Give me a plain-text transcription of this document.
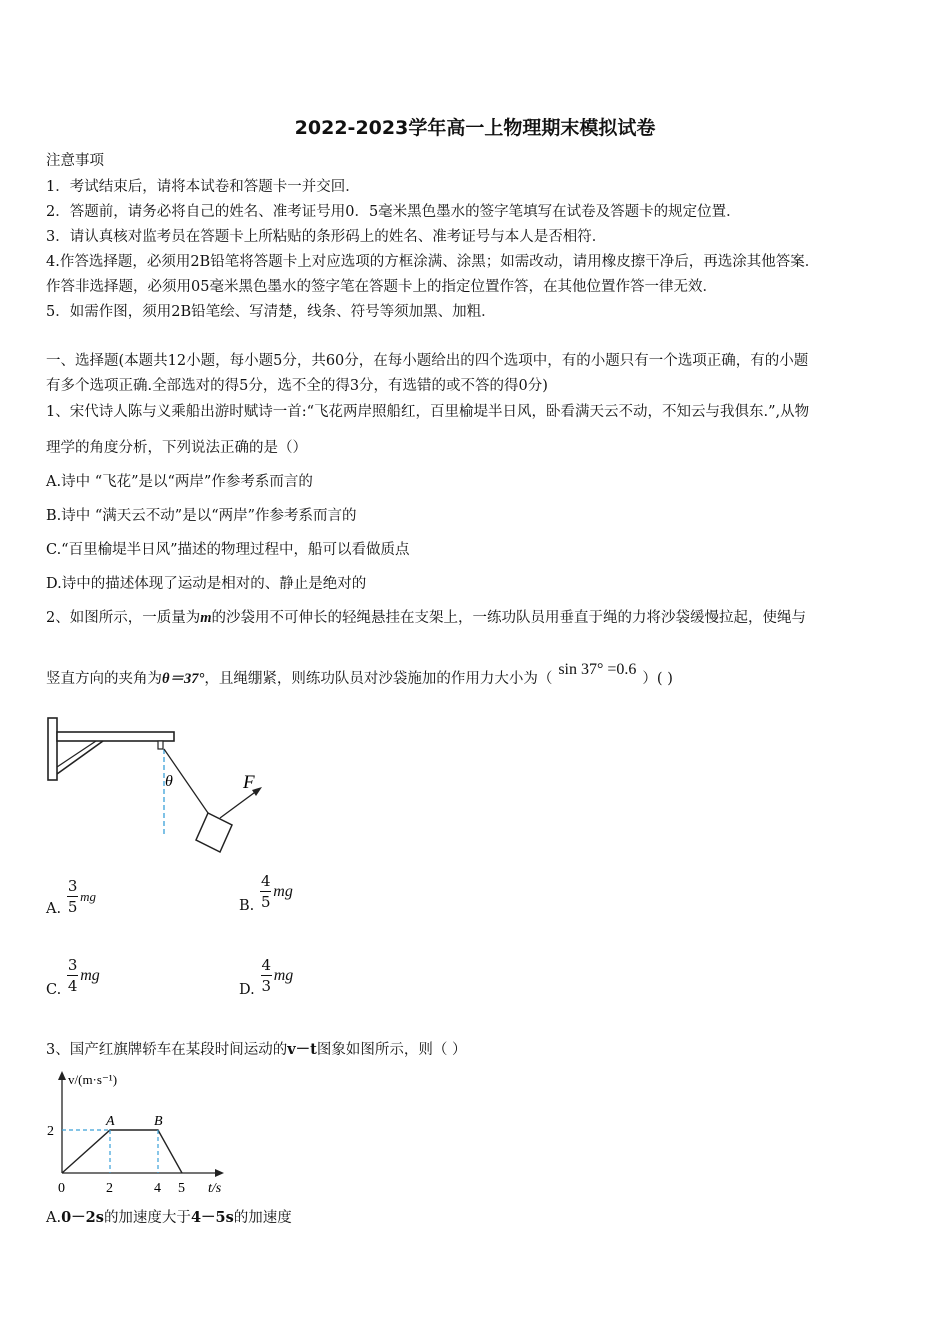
2022-2023学年高一上物理期末模拟试卷
注意事项
1．考试结束后，请将本试卷和答题卡一并交回．
2．答题前，请务必将自己的姓名、准考证号用0．5毫米黑色墨水的签字笔填写在试卷及答题卡的规定位置．
3．请认真核对监考员在答题卡上所粘贴的条形码上的姓名、准考证号与本人是否相符．
4.作答选择题，必须用2B铅笔将答题卡上对应选项的方框涂满、涂黑；如需改动，请用橡皮擦干净后，再选涂其他答案．
作答非选择题，必须用05毫米黑色墨水的签字笔在答题卡上的指定位置作答，在其他位置作答一律无效．
5．如需作图，须用2B铅笔绘、写清楚，线条、符号等须加黑、加粗．
一、选择题(本题共12小题，每小题5分，共60分，在每小题给出的四个选项中，有的小题只有一个选项正确，有的小题
有多个选项正确.全部选对的得5分，选不全的得3分，有选错的或不答的得0分)
1、宋代诗人陈与义乘船出游时赋诗一首:“飞花两岸照船红，百里榆堤半日风，卧看满天云不动，不知云与我俱东.”,从物
理学的角度分析，下列说法正确的是（）
A.诗中 “飞花”是以“两岸”作参考系而言的
B.诗中 “满天云不动”是以“两岸”作参考系而言的
C.“百里榆堤半日风”描述的物理过程中，船可以看做质点
D.诗中的描述体现了运动是相对的、静止是绝对的
2、如图所示，一质量为m的沙袋用不可伸长的轻绳悬挂在支架上，一练功队员用垂直于绳的力将沙袋缓慢拉起，使绳与
竖直方向的夹角为θ＝37°，且绳绷紧，则练功队员对沙袋施加的作用力大小为（sin 37° =0.6）( )
θ	F
A. $\frac{3}{5}$ mg
B. $\frac{4}{5}$ mg
C. $\frac{3}{4}$ mg
D. $\frac{4}{3}$ mg
3、国产红旗牌轿车在某段时间运动的v－t图象如图所示，则（ ）
v/(m·s⁻¹)
t/s
0	2	4 5
2
A	B
A.0－2s的加速度大于4－5s的加速度
